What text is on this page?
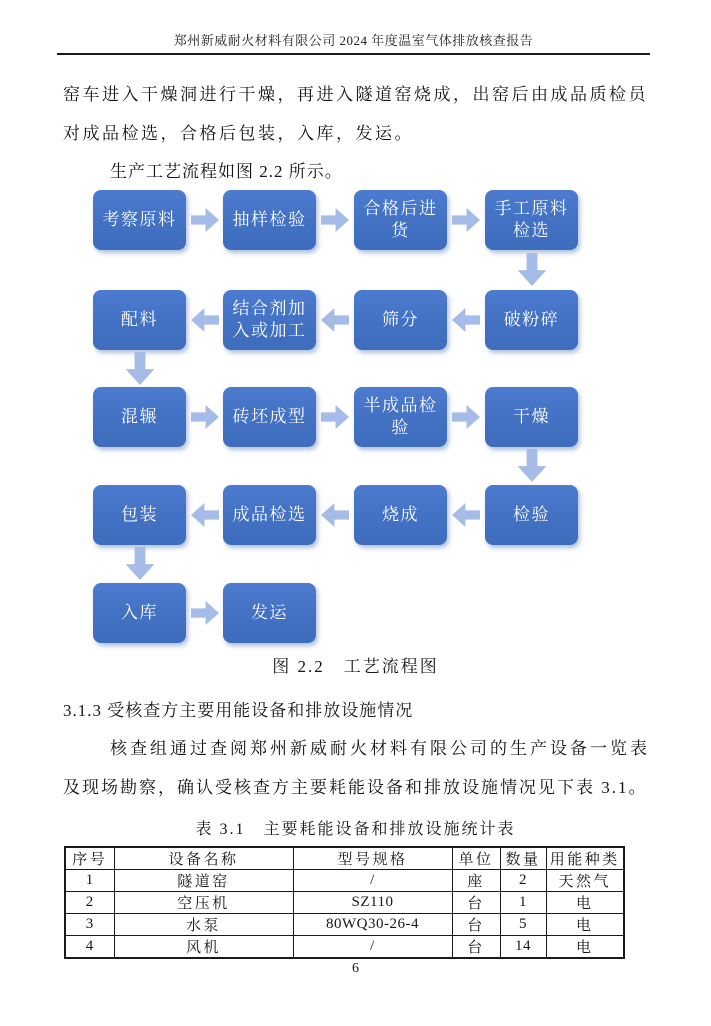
郑州新威耐火材料有限公司 2024 年度温室气体排放核查报告
窑车进入干燥洞进行干燥，再进入隧道窑烧成，出窑后由成品质检员
对成品检选，合格后包装，入库，发运。
生产工艺流程如图 2.2 所示。
考察原料	抽样检验
合格后进货
手工原料检选
配料
结合剂加入或加工
筛分	破粉碎
混辗	砖坯成型
半成品检验
干燥
包装	成品检选	烧成	检验
入库	发运
图 2.2　工艺流程图
3.1.3 受核查方主要用能设备和排放设施情况
核查组通过查阅郑州新威耐火材料有限公司的生产设备一览表
及现场勘察，确认受核查方主要耗能设备和排放设施情况见下表 3.1。
表 3.1　主要耗能设备和排放设施统计表
序号	设备名称	型号规格	单位	数量	用能种类
1	隧道窑	/	座	2	天然气
2	空压机	SZ110	台	1	电
3	水泵	80WQ30-26-4	台	5	电
4	风机	/	台	14	电
6
